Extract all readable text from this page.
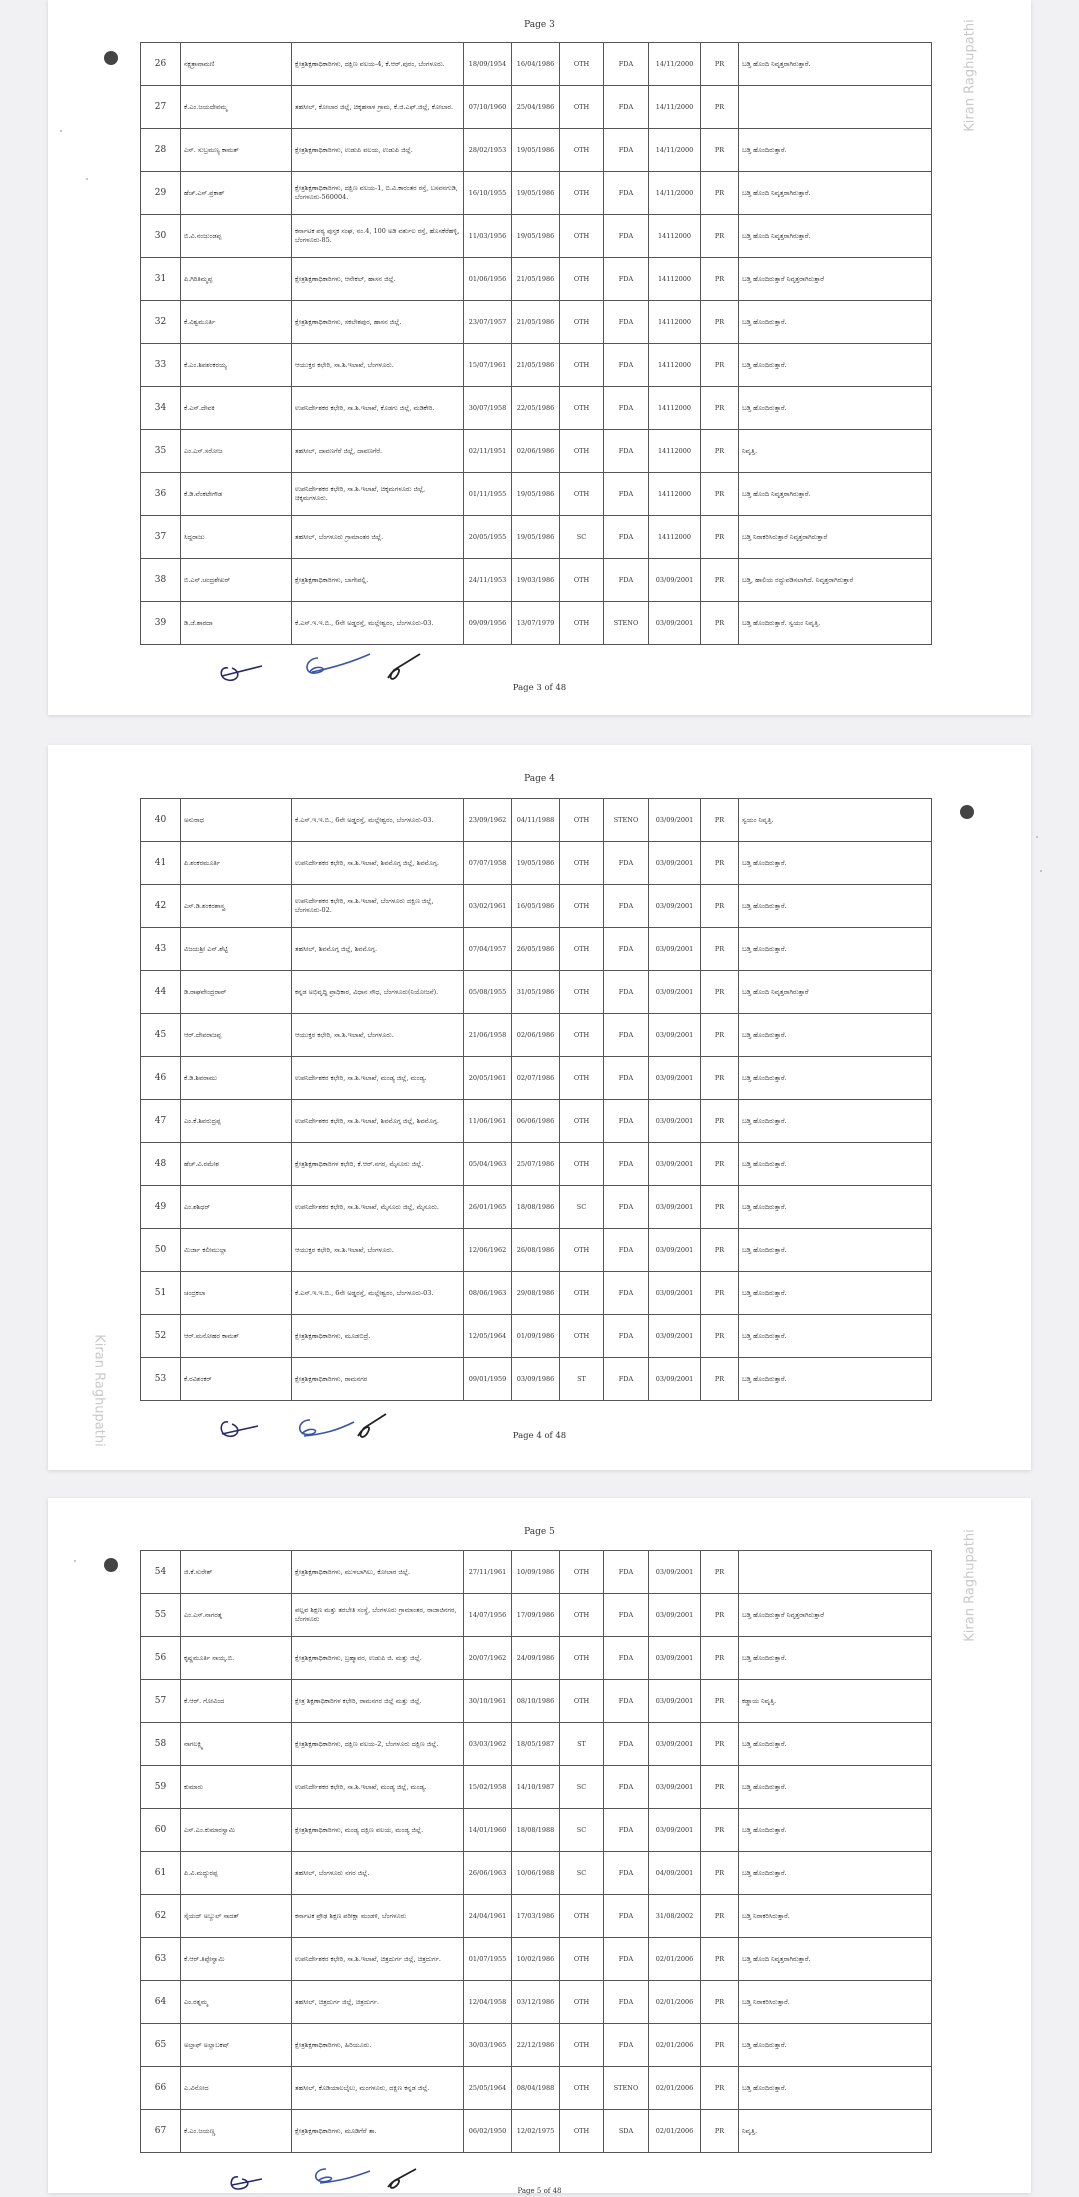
Page 3
26	ನಕ್ಷತ್ರಾವಾಮಣಿ	ಕ್ಷೇತ್ರಶಿಕ್ಷಣಾಧಿಕಾರಿಗಳು, ದಕ್ಷಿಣ ವಲಯ-4, ಕೆ.ಆರ್.ಪುರಂ, ಬೆಂಗಳೂರು.	18/09/1954	16/04/1986	OTH	FDA	14/11/2000	PR	ಬಡ್ತಿ ಹೊಂದಿ ನಿವೃತ್ತರಾಗಿರುತ್ತಾರೆ.
27	ಕೆ.ಎಂ.ಜಯದೇವಮ್ಮ	ತಹಸೀಲ್, ಕೋಲಾರ ಜಿಲ್ಲೆ, ಚಿಕ್ಕಹಸಾಳ ಗ್ರಾಮ, ಕೆ.ಜಿ.ಎಫ್.ಜಿಲ್ಲೆ, ಕೋಲಾರ.	07/10/1960	25/04/1986	OTH	FDA	14/11/2000	PR	
28	ಎಸ್. ಸುಬ್ರಮಣ್ಯ ಕಾಮತ್	ಕ್ಷೇತ್ರಶಿಕ್ಷಣಾಧಿಕಾರಿಗಳು, ಉಡುಪಿ ವಲಯ, ಉಡುಪಿ ಜಿಲ್ಲೆ.	28/02/1953	19/05/1986	OTH	FDA	14/11/2000	PR	ಬಡ್ತಿ ಹೊಂದಿರುತ್ತಾರೆ.
29	ಹೆಚ್.ಎಸ್.ಪ್ರಕಾಶ್	ಕ್ಷೇತ್ರಶಿಕ್ಷಣಾಧಿಕಾರಿಗಳು, ದಕ್ಷಿಣ ವಲಯ-1, ಬಿ.ವಿ.ಕಾರಂತರ ರಸ್ತೆ, ಬಸವನಗುಡಿ, ಬೆಂಗಳೂರು-560004.	16/10/1955	19/05/1986	OTH	FDA	14/11/2000	PR	ಬಡ್ತಿ ಹೊಂದಿ ನಿವೃತ್ತರಾಗಿರುತ್ತಾರೆ.
30	ಬಿ.ವಿ.ನಂಜುಂಡಪ್ಪ	ಕರ್ನಾಟಕ ಪಠ್ಯ ಪುಸ್ತಕ ಸಂಘ, ನಂ.4, 100 ಅಡಿ ವರ್ತುಲ ರಸ್ತೆ, ಹೊಸಕೆರೆಹಳ್ಳಿ, ಬೆಂಗಳೂರು-85.	11/03/1956	19/05/1986	OTH	FDA	14112000	PR	ಬಡ್ತಿ ಹೊಂದಿ ನಿವೃತ್ತರಾಗಿರುತ್ತಾರೆ.
31	ಪಿ.ಗಿರಿತಿಮ್ಮಪ್ಪ	ಕ್ಷೇತ್ರಶಿಕ್ಷಣಾಧಿಕಾರಿಗಳು, ಆನೇಕಲ್, ಹಾಸನ ಜಿಲ್ಲೆ.	01/06/1956	21/05/1986	OTH	FDA	14112000	PR	ಬಡ್ತಿ ಹೊಂದಿರುತ್ತಾರೆ ನಿವೃತ್ತರಾಗಿರುತ್ತಾರೆ
32	ಕೆ.ವಿಶ್ವಮೂರ್ತಿ	ಕ್ಷೇತ್ರಶಿಕ್ಷಣಾಧಿಕಾರಿಗಳು, ಸಕಲೇಶಪುರ, ಹಾಸನ ಜಿಲ್ಲೆ.	23/07/1957	21/05/1986	OTH	FDA	14112000	PR	ಬಡ್ತಿ ಹೊಂದಿರುತ್ತಾರೆ.
33	ಕೆ.ಎಂ.ಶಿವಶಂಕರಯ್ಯ	ಆಯುಕ್ತರ ಕಛೇರಿ, ಸಾ.ಶಿ.ಇಲಾಖೆ, ಬೆಂಗಳೂರು.	15/07/1961	21/05/1986	OTH	FDA	14112000	PR	ಬಡ್ತಿ ಹೊಂದಿರುತ್ತಾರೆ.
34	ಕೆ.ಎಸ್.ದೇವಕಿ	ಉಪನಿರ್ದೇಶಕರ ಕಛೇರಿ, ಸಾ.ಶಿ.ಇಲಾಖೆ, ಕೊಡಗು ಜಿಲ್ಲೆ, ಮಡಿಕೇರಿ.	30/07/1958	22/05/1986	OTH	FDA	14112000	PR	ಬಡ್ತಿ ಹೊಂದಿರುತ್ತಾರೆ.
35	ಎಂ.ಎಸ್.ಸರೋಜ	ತಹಸೀಲ್, ದಾವಣಗೆರೆ ಜಿಲ್ಲೆ, ದಾವಣಗೆರೆ.	02/11/1951	02/06/1986	OTH	FDA	14112000	PR	ನಿವೃತ್ತಿ.
36	ಕೆ.ಡಿ.ವೆಂಕಟೇಗೌಡ	ಉಪನಿರ್ದೇಶಕರ ಕಛೇರಿ, ಸಾ.ಶಿ.ಇಲಾಖೆ, ಚಿಕ್ಕಮಗಳೂರು ಜಿಲ್ಲೆ, ಚಿಕ್ಕಮಗಳೂರು.	01/11/1955	19/05/1986	OTH	FDA	14112000	PR	ಬಡ್ತಿ ಹೊಂದಿ ನಿವೃತ್ತರಾಗಿರುತ್ತಾರೆ.
37	ಸಿದ್ದರಾಜು	ತಹಸೀಲ್, ಬೆಂಗಳೂರು ಗ್ರಾಮಾಂತರ ಜಿಲ್ಲೆ.	20/05/1955	19/05/1986	SC	FDA	14112000	PR	ಬಡ್ತಿ ನಿರಾಕರಿಸಿರುತ್ತಾರೆ ನಿವೃತ್ತರಾಗಿರುತ್ತಾರೆ
38	ಬಿ.ಎನ್.ಚಂದ್ರಶೇಖರ್	ಕ್ಷೇತ್ರಶಿಕ್ಷಣಾಧಿಕಾರಿಗಳು, ಬಾಗೇಪಲ್ಲಿ.	24/11/1953	19/03/1986	OTH	FDA	03/09/2001	PR	ಬಡ್ತಿ, ಹಾಲಿಯ ರದ್ದುಪಡಿಸಲಾಗಿದೆ. ನಿವೃತ್ತರಾಗಿರುತ್ತಾರೆ
39	ಡಿ.ಜೆ.ಶಾರದಾ	ಕೆ.ಎಸ್.ಇ.ಇ.ಬಿ., 6ನೇ ಅಡ್ಡರಸ್ತೆ, ಮಲ್ಲೇಶ್ವರಂ, ಬೆಂಗಳೂರು-03.	09/09/1956	13/07/1979	OTH	STENO	03/09/2001	PR	ಬಡ್ತಿ ಹೊಂದಿರುತ್ತಾರೆ. ಸ್ವಯಂ ನಿವೃತ್ತಿ.
Page 3 of 48
Page 4
40	ಅನುರಾಧ	ಕೆ.ಎಸ್.ಇ.ಇ.ಬಿ., 6ನೇ ಅಡ್ಡರಸ್ತೆ, ಮಲ್ಲೇಶ್ವರಂ, ಬೆಂಗಳೂರು-03.	23/09/1962	04/11/1988	OTH	STENO	03/09/2001	PR	ಸ್ವಯಂ ನಿವೃತ್ತಿ.
41	ಪಿ.ಶಂಕರಮೂರ್ತಿ	ಉಪನಿರ್ದೇಶಕರ ಕಛೇರಿ, ಸಾ.ಶಿ.ಇಲಾಖೆ, ಶಿವಮೊಗ್ಗ ಜಿಲ್ಲೆ, ಶಿವಮೊಗ್ಗ.	07/07/1958	19/05/1986	OTH	FDA	03/09/2001	PR	ಬಡ್ತಿ ಹೊಂದಿರುತ್ತಾರೆ.
42	ಎಸ್.ಡಿ.ಶಂಕರಶಾಸ್ತ್ರ	ಉಪನಿರ್ದೇಶಕರ ಕಛೇರಿ, ಸಾ.ಶಿ.ಇಲಾಖೆ, ಬೆಂಗಳೂರು ದಕ್ಷಿಣ ಜಿಲ್ಲೆ, ಬೆಂಗಳೂರು-02.	03/02/1961	16/05/1986	OTH	FDA	03/09/2001	PR	ಬಡ್ತಿ ಹೊಂದಿರುತ್ತಾರೆ.
43	ವಿಜಯಶ್ರೀ ಎನ್.ಶೆಟ್ಟಿ	ತಹಸೀಲ್, ಶಿವಮೊಗ್ಗ ಜಿಲ್ಲೆ, ಶಿವಮೊಗ್ಗ.	07/04/1957	26/05/1986	OTH	FDA	03/09/2001	PR	ಬಡ್ತಿ ಹೊಂದಿರುತ್ತಾರೆ.
44	ಡಿ.ರಾಘವೇಂದ್ರರಾವ್	ಕನ್ನಡ ಅಭಿವೃದ್ಧಿ ಪ್ರಾಧಿಕಾರ, ವಿಧಾನ ಸೌಧ, ಬೆಂಗಳೂರು(ನಿಯೋಜನೆ).	05/08/1955	31/05/1986	OTH	FDA	03/09/2001	PR	ಬಡ್ತಿ ಹೊಂದಿ ನಿವೃತ್ತರಾಗಿರುತ್ತಾರೆ
45	ಆರ್.ದೇವರಾಜಪ್ಪ	ಆಯುಕ್ತರ ಕಛೇರಿ, ಸಾ.ಶಿ.ಇಲಾಖೆ, ಬೆಂಗಳೂರು.	21/06/1958	02/06/1986	OTH	FDA	03/09/2001	PR	ಬಡ್ತಿ ಹೊಂದಿರುತ್ತಾರೆ.
46	ಕೆ.ಡಿ.ಶಿವರಾಮು	ಉಪನಿರ್ದೇಶಕರ ಕಛೇರಿ, ಸಾ.ಶಿ.ಇಲಾಖೆ, ಮಂಡ್ಯ ಜಿಲ್ಲೆ, ಮಂಡ್ಯ.	20/05/1961	02/07/1986	OTH	FDA	03/09/2001	PR	ಬಡ್ತಿ ಹೊಂದಿರುತ್ತಾರೆ.
47	ಎಂ.ಕೆ.ಶಿವರುದ್ರಪ್ಪ	ಉಪನಿರ್ದೇಶಕರ ಕಛೇರಿ, ಸಾ.ಶಿ.ಇಲಾಖೆ, ಶಿವಮೊಗ್ಗ ಜಿಲ್ಲೆ, ಶಿವಮೊಗ್ಗ.	11/06/1961	06/06/1986	OTH	FDA	03/09/2001	PR	ಬಡ್ತಿ ಹೊಂದಿರುತ್ತಾರೆ.
48	ಹೆಚ್.ವಿ.ರಮೇಶ	ಕ್ಷೇತ್ರಶಿಕ್ಷಣಾಧಿಕಾರಿಗಳ ಕಛೇರಿ, ಕೆ.ಆರ್.ನಗರ, ಮೈಸೂರು ಜಿಲ್ಲೆ.	05/04/1963	25/07/1986	OTH	FDA	03/09/2001	PR	ಬಡ್ತಿ ಹೊಂದಿರುತ್ತಾರೆ.
49	ಎಂ.ಶಶಿಧರ್	ಉಪನಿರ್ದೇಶಕರ ಕಛೇರಿ, ಸಾ.ಶಿ.ಇಲಾಖೆ, ಮೈಸೂರು ಜಿಲ್ಲೆ, ಮೈಸೂರು.	26/01/1965	18/08/1986	SC	FDA	03/09/2001	PR	ಬಡ್ತಿ ಹೊಂದಿರುತ್ತಾರೆ.
50	ಮಿರ್ಜಾ ಕಲೀಮುಲ್ಲಾ	ಆಯುಕ್ತರ ಕಛೇರಿ, ಸಾ.ಶಿ.ಇಲಾಖೆ, ಬೆಂಗಳೂರು.	12/06/1962	26/08/1986	OTH	FDA	03/09/2001	PR	ಬಡ್ತಿ ಹೊಂದಿರುತ್ತಾರೆ.
51	ಚಂದ್ರಕಲಾ	ಕೆ.ಎಸ್.ಇ.ಇ.ಬಿ., 6ನೇ ಅಡ್ಡರಸ್ತೆ, ಮಲ್ಲೇಶ್ವರಂ, ಬೆಂಗಳೂರು-03.	08/06/1963	29/08/1986	OTH	FDA	03/09/2001	PR	ಬಡ್ತಿ ಹೊಂದಿರುತ್ತಾರೆ.
52	ಆರ್.ಮನೋಹರ ಕಾಮತ್	ಕ್ಷೇತ್ರಶಿಕ್ಷಣಾಧಿಕಾರಿಗಳು, ಮೂಡಬಿದ್ರೆ.	12/05/1964	01/09/1986	OTH	FDA	03/09/2001	PR	ಬಡ್ತಿ ಹೊಂದಿರುತ್ತಾರೆ.
53	ಕೆ.ರವಿಶಂಕರ್	ಕ್ಷೇತ್ರಶಿಕ್ಷಣಾಧಿಕಾರಿಗಳು, ರಾಮನಗರ	09/01/1959	03/09/1986	ST	FDA	03/09/2001	PR	ಬಡ್ತಿ ಹೊಂದಿರುತ್ತಾರೆ.
Page 4 of 48
Page 5
54	ಜಿ.ಕೆ.ಸುರೇಶ್	ಕ್ಷೇತ್ರಶಿಕ್ಷಣಾಧಿಕಾರಿಗಳು, ಮುಳಬಾಗಿಲು, ಕೋಲಾರ ಜಿಲ್ಲೆ.	27/11/1961	10/09/1986	OTH	FDA	03/09/2001	PR	
55	ಎಂ.ಎಸ್.ನಾಗರತ್ನ	ಪಲ್ಲವ ಶಿಕ್ಷಣ ಮತ್ತು ತರಬೇತಿ ಸಂಸ್ಥೆ, ಬೆಂಗಳೂರು ಗ್ರಾಮಾಂತರ, ರಾಜಾಜಿನಗರ, ಬೆಂಗಳೂರು	14/07/1956	17/09/1986	OTH	FDA	03/09/2001	PR	ಬಡ್ತಿ ಹೊಂದಿರುತ್ತಾರೆ ನಿವೃತ್ತರಾಗಿರುತ್ತಾರೆ
56	ಕೃಷ್ಣಮೂರ್ತಿ ನಾಯ್ಕ.ಬಿ.	ಕ್ಷೇತ್ರಶಿಕ್ಷಣಾಧಿಕಾರಿಗಳು, ಬ್ರಹ್ಮಾವರ, ಉಡುಪಿ ಜಿ. ಮತ್ತು ಜಿಲ್ಲೆ.	20/07/1962	24/09/1986	OTH	FDA	03/09/2001	PR	ಬಡ್ತಿ ಹೊಂದಿರುತ್ತಾರೆ.
57	ಕೆ.ಆರ್. ಗೋವಿಂದ	ಕ್ಷೇತ್ರ ಶಿಕ್ಷಣಾಧಿಕಾರಿಗಳ ಕಛೇರಿ, ರಾಮನಗರ ಜಿಲ್ಲೆ ಮತ್ತು ಜಿಲ್ಲೆ.	30/10/1961	08/10/1986	OTH	FDA	03/09/2001	PR	ಕಡ್ಡಾಯ ನಿವೃತ್ತಿ.
58	ನಾಗಲಕ್ಷ್ಮಿ	ಕ್ಷೇತ್ರಶಿಕ್ಷಣಾಧಿಕಾರಿಗಳು, ದಕ್ಷಿಣ ವಲಯ-2, ಬೆಂಗಳೂರು ದಕ್ಷಿಣ ಜಿಲ್ಲೆ.	03/03/1962	18/05/1987	ST	FDA	03/09/2001	PR	ಬಡ್ತಿ ಹೊಂದಿರುತ್ತಾರೆ.
59	ಕುಮಾರು	ಉಪನಿರ್ದೇಶಕರ ಕಛೇರಿ, ಸಾ.ಶಿ.ಇಲಾಖೆ, ಮಂಡ್ಯ ಜಿಲ್ಲೆ, ಮಂಡ್ಯ.	15/02/1958	14/10/1987	SC	FDA	03/09/2001	PR	ಬಡ್ತಿ ಹೊಂದಿರುತ್ತಾರೆ.
60	ಎಸ್.ಎಂ.ಕುಮಾರಸ್ವಾಮಿ	ಕ್ಷೇತ್ರಶಿಕ್ಷಣಾಧಿಕಾರಿಗಳು, ಮಂಡ್ಯ ದಕ್ಷಿಣ ವಲಯ, ಮಂಡ್ಯ ಜಿಲ್ಲೆ.	14/01/1960	18/08/1988	SC	FDA	03/09/2001	PR	ಬಡ್ತಿ ಹೊಂದಿರುತ್ತಾರೆ.
61	ಪಿ.ವಿ.ಮದ್ದುರಪ್ಪ	ತಹಸೀಲ್, ಬೆಂಗಳೂರು ನಗರ ಜಿಲ್ಲೆ.	26/06/1963	10/06/1988	SC	FDA	04/09/2001	PR	ಬಡ್ತಿ ಹೊಂದಿರುತ್ತಾರೆ.
62	ಸೈಯದ್ ಅಬ್ದುಲ್ ಸಾದತ್	ಕರ್ನಾಟಕ ಪ್ರೌಢ ಶಿಕ್ಷಣ ಪರೀಕ್ಷಾ ಮಂಡಳಿ, ಬೆಂಗಳೂರು	24/04/1961	17/03/1986	OTH	FDA	31/08/2002	PR	ಬಡ್ತಿ ನಿರಾಕರಿಸಿರುತ್ತಾರೆ.
63	ಕೆ.ಆರ್.ತಿಪ್ಪೇಸ್ವಾಮಿ	ಉಪನಿರ್ದೇಶಕರ ಕಛೇರಿ, ಸಾ.ಶಿ.ಇಲಾಖೆ, ಚಿತ್ರದುರ್ಗ ಜಿಲ್ಲೆ, ಚಿತ್ರದುರ್ಗ.	01/07/1955	10/02/1986	OTH	FDA	02/01/2006	PR	ಬಡ್ತಿ ಹೊಂದಿ ನಿವೃತ್ತರಾಗಿರುತ್ತಾರೆ.
64	ಎಂ.ರತ್ನಮ್ಮ	ತಹಸೀಲ್, ಚಿತ್ರದುರ್ಗ ಜಿಲ್ಲೆ, ಚಿತ್ರದುರ್ಗ.	12/04/1958	03/12/1986	OTH	FDA	02/01/2006	PR	ಬಡ್ತಿ ನಿರಾಕರಿಸಿರುತ್ತಾರೆ.
65	ಅಲ್ತಾಫ್ ಅಲ್ಲಾಬಕಷ್	ಕ್ಷೇತ್ರಶಿಕ್ಷಣಾಧಿಕಾರಿಗಳು, ಹಿರಿಯೂರು.	30/03/1965	22/12/1986	OTH	FDA	02/01/2006	PR	ಬಡ್ತಿ ಹೊಂದಿರುತ್ತಾರೆ.
66	ಎ.ವಿನೋದ	ತಹಸೀಲ್, ಕೊಡಿಯಾಲಬೈಲು, ಮಂಗಳೂರು, ದಕ್ಷಿಣ ಕನ್ನಡ ಜಿಲ್ಲೆ.	25/05/1964	08/04/1988	OTH	STENO	02/01/2006	PR	ಬಡ್ತಿ ಹೊಂದಿರುತ್ತಾರೆ.
67	ಕೆ.ಎಂ.ಜಯಣ್ಣ	ಕ್ಷೇತ್ರಶಿಕ್ಷಣಾಧಿಕಾರಿಗಳು, ಮೂಡಿಗೆರೆ ತಾ.	06/02/1950	12/02/1975	OTH	SDA	02/01/2006	PR	ನಿವೃತ್ತಿ.
Page 5 of 48
Kiran Raghupathi
Kiran Raghupathi
Kiran Raghupathi
